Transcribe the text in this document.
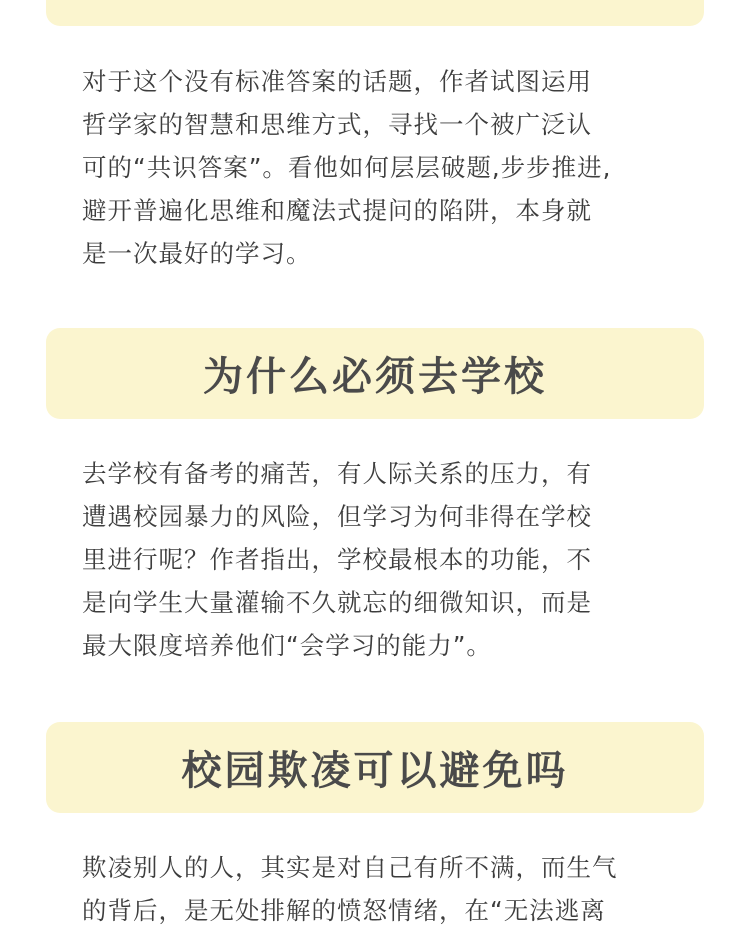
对于这个没有标准答案的话题，作者试图运用
哲学家的智慧和思维方式，寻找一个被广泛认
可的“共识答案”。看他如何层层破题,步步推进,
避开普遍化思维和魔法式提问的陷阱，本身就
是一次最好的学习。

为什么必须去学校

去学校有备考的痛苦，有人际关系的压力，有
遭遇校园暴力的风险，但学习为何非得在学校
里进行呢？作者指出，学校最根本的功能，不
是向学生大量灌输不久就忘的细微知识，而是
最大限度培养他们“会学习的能力”。

校园欺凌可以避免吗

欺凌别人的人，其实是对自己有所不满，而生气
的背后，是无处排解的愤怒情绪，在“无法逃离
